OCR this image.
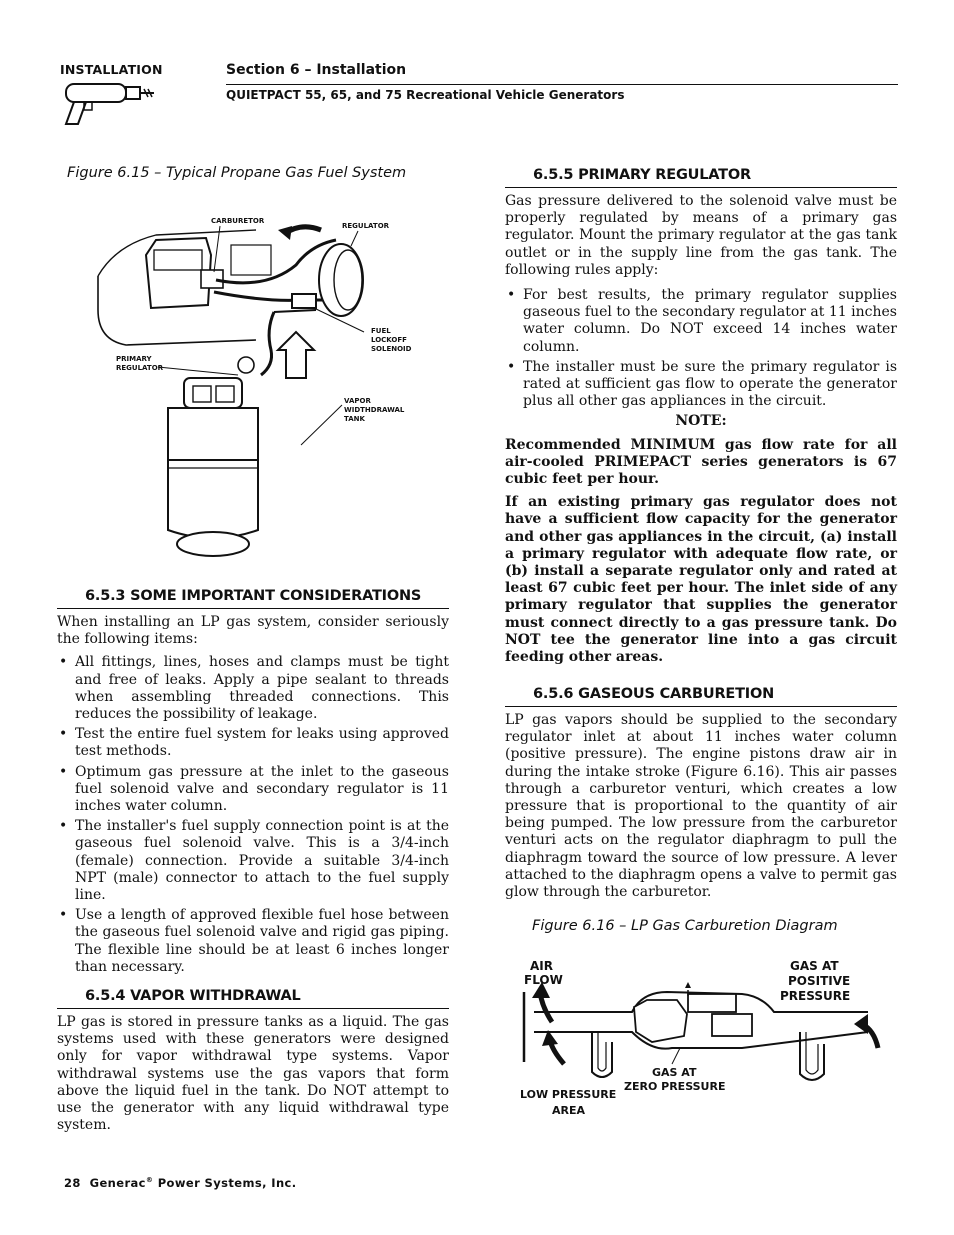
INSTALLATION	Section 6 – Installation
QUIETPACT 55, 65, and 75 Recreational Vehicle Generators
Figure 6.15 – Typical Propane Gas Fuel System
CARBURETOR
REGULATOR
FUEL
LOCKOFF
SOLENOID
PRIMARY
REGULATOR
VAPOR
WIDTHDRAWAL
TANK
6.5.3 SOME IMPORTANT CONSIDERATIONS

When installing an LP gas system, consider seriously the following items:

• All fittings, lines, hoses and clamps must be tight and free of leaks. Apply a pipe sealant to threads when assembling threaded connections. This reduces the possibility of leakage.
• Test the entire fuel system for leaks using approved test methods.
• Optimum gas pressure at the inlet to the gaseous fuel solenoid valve and secondary regulator is 11 inches water column.
• The installer's fuel supply connection point is at the gaseous fuel solenoid valve. This is a 3/4-inch (female) connection. Provide a suitable 3/4-inch NPT (male) connector to attach to the fuel supply line.
• Use a length of approved flexible fuel hose between the gaseous fuel solenoid valve and rigid gas piping. The flexible line should be at least 6 inches longer than necessary.
6.5.4 VAPOR WITHDRAWAL

LP gas is stored in pressure tanks as a liquid. The gas systems used with these generators were designed only for vapor withdrawal type systems. Vapor withdrawal systems use the gas vapors that form above the liquid fuel in the tank. Do NOT attempt to use the generator with any liquid withdrawal type system.

6.5.5 PRIMARY REGULATOR

Gas pressure delivered to the solenoid valve must be properly regulated by means of a primary gas regulator. Mount the primary regulator at the gas tank outlet or in the supply line from the gas tank. The following rules apply:

• For best results, the primary regulator supplies gaseous fuel to the secondary regulator at 11 inches water column. Do NOT exceed 14 inches water column.
• The installer must be sure the primary regulator is rated at sufficient gas flow to operate the generator plus all other gas appliances in the circuit.

NOTE:

Recommended MINIMUM gas flow rate for all air-cooled PRIMEPACT series generators is 67 cubic feet per hour.

If an existing primary gas regulator does not have a sufficient flow capacity for the generator and other gas appliances in the circuit, (a) install a primary regulator with adequate flow rate, or (b) install a separate regulator only and rated at least 67 cubic feet per hour. The inlet side of any primary regulator that supplies the generator must connect directly to a gas pressure tank. Do NOT tee the generator line into a gas circuit feeding other areas.

6.5.6 GASEOUS CARBURETION

LP gas vapors should be supplied to the secondary regulator inlet at about 11 inches water column (positive pressure). The engine pistons draw air in during the intake stroke (Figure 6.16). This air passes through a carburetor venturi, which creates a low pressure that is proportional to the quantity of air being pumped. The low pressure from the carburetor venturi acts on the regulator diaphragm to pull the diaphragm toward the source of low pressure. A lever attached to the diaphragm opens a valve to permit gas glow through the carburetor.

Figure 6.16 – LP Gas Carburetion Diagram
AIR
FLOW
GAS AT
POSITIVE
PRESSURE
GAS AT
ZERO PRESSURE
LOW PRESSURE
AREA
28 Generac® Power Systems, Inc.
